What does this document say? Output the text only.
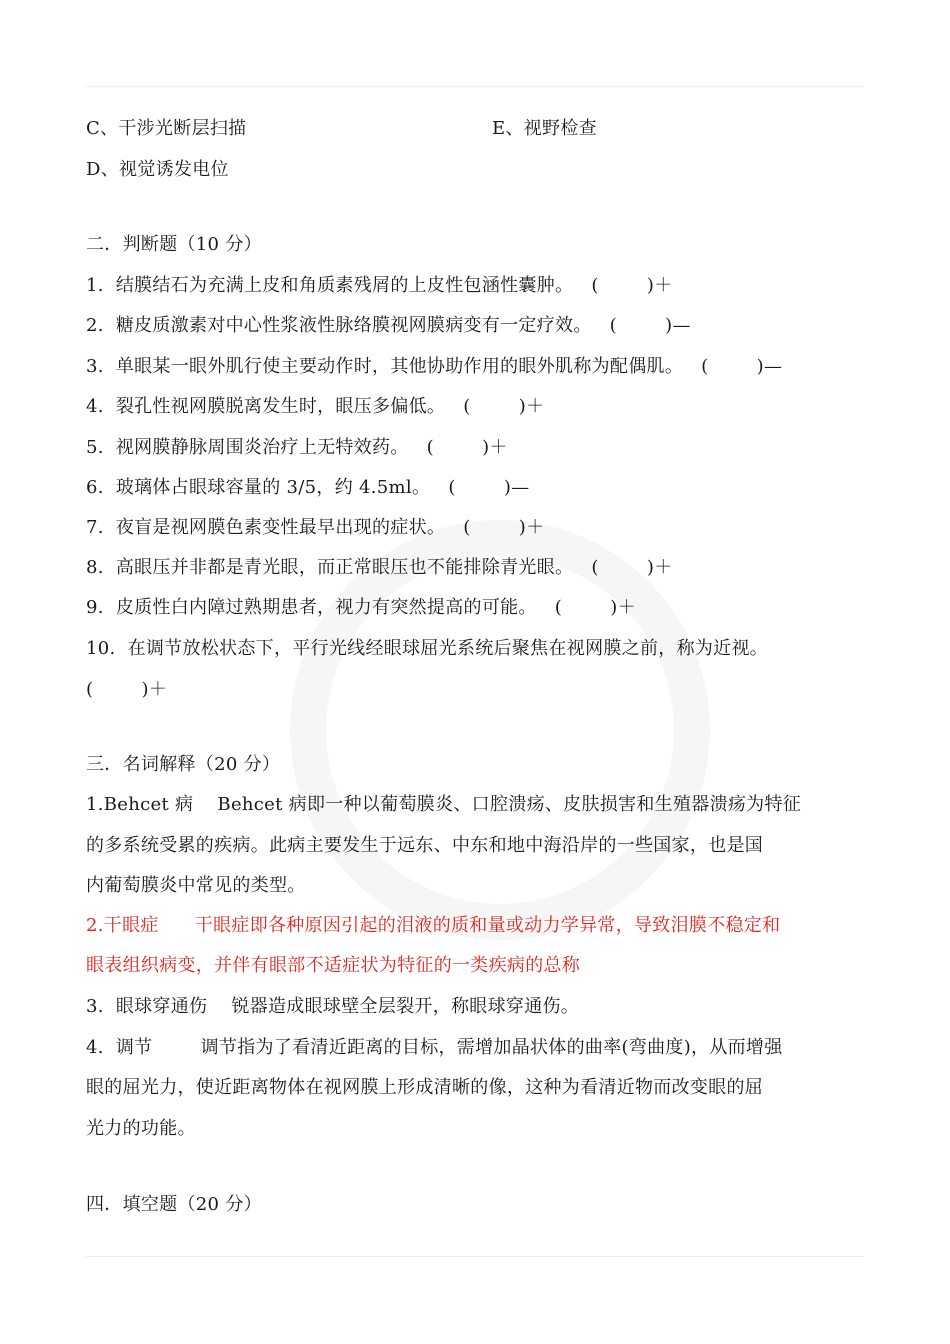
C、干涉光断层扫描	E、视野检查
D、视觉诱发电位
二．判断题（10 分）
1.  结膜结石为充满上皮和角质素残屑的上皮性包涵性囊肿。   (        )＋
2.  糖皮质激素对中心性浆液性脉络膜视网膜病变有一定疗效。   (        )—
3.  单眼某一眼外肌行使主要动作时，其他协助作用的眼外肌称为配偶肌。   (        )—
4.  裂孔性视网膜脱离发生时，眼压多偏低。   (        )＋
5.  视网膜静脉周围炎治疗上无特效药。   (        )＋
6.  玻璃体占眼球容量的 3/5，约 4.5ml。   (        )—
7.  夜盲是视网膜色素变性最早出现的症状。   (        )＋
8.  高眼压并非都是青光眼，而正常眼压也不能排除青光眼。   (        )＋
9.  皮质性白内障过熟期患者，视力有突然提高的可能。   (        )＋
10.  在调节放松状态下，平行光线经眼球屈光系统后聚焦在视网膜之前，称为近视。
(        )＋
三．名词解释（20 分）
1.Behcet 病    Behcet 病即一种以葡萄膜炎、口腔溃疡、皮肤损害和生殖器溃疡为特征
的多系统受累的疾病。此病主要发生于远东、中东和地中海沿岸的一些国家，也是国
内葡萄膜炎中常见的类型。
2.干眼症      干眼症即各种原因引起的泪液的质和量或动力学异常，导致泪膜不稳定和
眼表组织病变，并伴有眼部不适症状为特征的一类疾病的总称
3.  眼球穿通伤    锐器造成眼球壁全层裂开，称眼球穿通伤。
4.  调节        调节指为了看清近距离的目标，需增加晶状体的曲率(弯曲度)，从而增强
眼的屈光力，使近距离物体在视网膜上形成清晰的像，这种为看清近物而改变眼的屈
光力的功能。
四．填空题（20 分）
